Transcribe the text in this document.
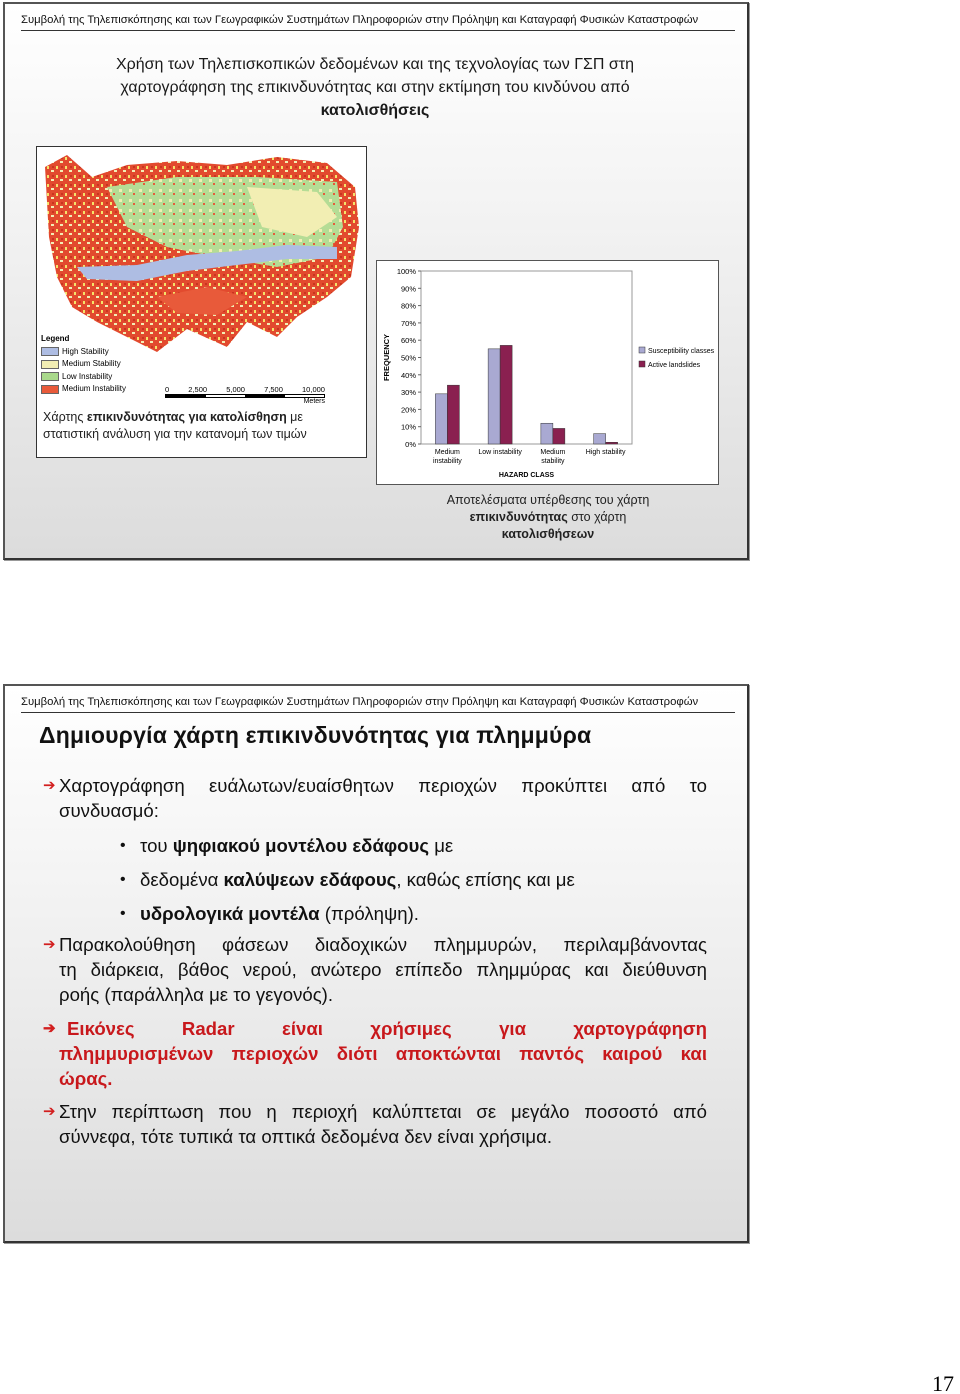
Συμβολή της Τηλεπισκόπησης και των Γεωγραφικών Συστημάτων Πληροφοριών στην Πρόληψη και Καταγραφή Φυσικών Καταστροφών
Χρήση των Τηλεπισκοπικών δεδομένων και της τεχνολογίας των ΓΣΠ στη
χαρτογράφηση της επικινδυνότητας και στην εκτίμηση του κινδύνου από
κατολισθήσεις
Legend
High Stability
Medium Stability
Low Instability
Medium Instability	0	2,500	5,000	7,500	10,000
Meters
Χάρτης επικινδυνότητας για κατολίσθηση με
στατιστική ανάλυση για την κατανομή των τιμών
0%
10%
20%
30%
40%
50%
60%
70%
80%
90%
100%
FREQUENCY
Medium
instability
Low instability	Medium
stability
High stability
HAZARD CLASS
Susceptibility classes
Active landslides
Αποτελέσματα υπέρθεσης του χάρτη
επικινδυνότητας στο χάρτη
κατολισθήσεων
Συμβολή της Τηλεπισκόπησης και των Γεωγραφικών Συστημάτων Πληροφοριών στην Πρόληψη και Καταγραφή Φυσικών Καταστροφών
Δημιουργία χάρτη επικινδυνότητας για πλημμύρα
➔ Χαρτογράφηση ευάλωτων/ευαίσθητων περιοχών προκύπτει από το
συνδυασμό:
• του ψηφιακού μοντέλου εδάφους με
• δεδομένα καλύψεων εδάφους, καθώς επίσης και με
• υδρολογικά μοντέλα (πρόληψη).
➔ Παρακολούθηση φάσεων διαδοχικών πλημμυρών, περιλαμβάνοντας
τη διάρκεια, βάθος νερού, ανώτερο επίπεδο πλημμύρας και διεύθυνση
ροής (παράλληλα με το γεγονός).
➔ Εικόνες Radar είναι χρήσιμες για χαρτογράφηση
πλημμυρισμένων περιοχών διότι αποκτώνται παντός καιρού και
ώρας.
➔ Στην περίπτωση που η περιοχή καλύπτεται σε μεγάλο ποσοστό από
σύννεφα, τότε τυπικά τα οπτικά δεδομένα δεν είναι χρήσιμα.
17
